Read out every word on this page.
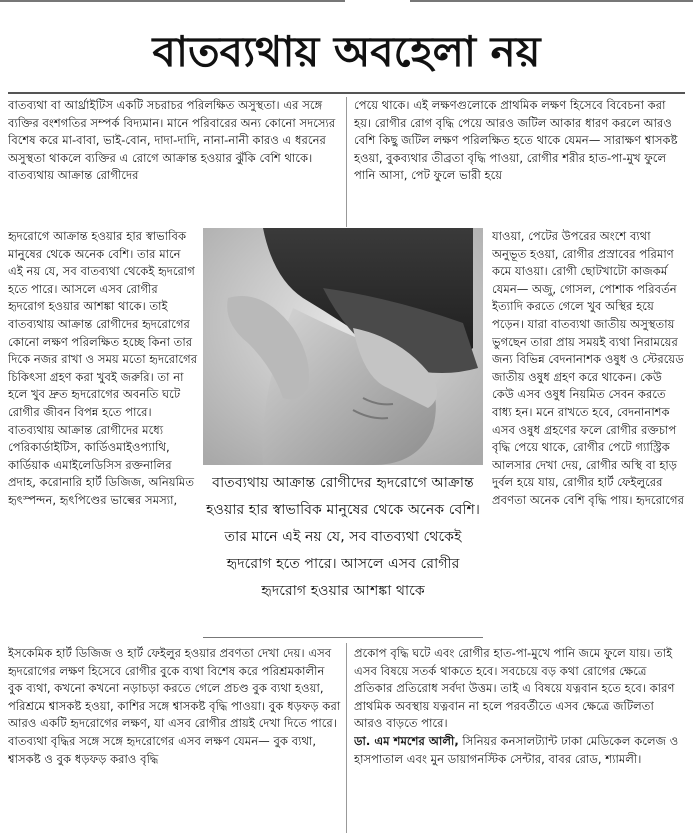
বাতব্যথায় অবহেলা নয়

বাতব্যথা বা আর্থ্রাইটিস একটি সচরাচর পরিলক্ষিত অসুস্থতা। এর সঙ্গে ব্যক্তির বংশগতির সম্পর্ক বিদ্যমান। মানে পরিবারের অন্য কোনো সদস্যের বিশেষ করে মা-বাবা, ভাই-বোন, দাদা-দাদি, নানা-নানী কারও এ ধরনের অসুস্থতা থাকলে ব্যক্তির এ রোগে আক্রান্ত হওয়ার ঝুঁকি বেশি থাকে। বাতব্যথায় আক্রান্ত রোগীদের

হৃদরোগে আক্রান্ত হওয়ার হার স্বাভাবিক মানুষের থেকে অনেক বেশি। তার মানে এই নয় যে, সব বাতব্যথা থেকেই হৃদরোগ হতে পারে। আসলে এসব রোগীর হৃদরোগ হওয়ার আশঙ্কা থাকে। তাই বাতব্যথায় আক্রান্ত রোগীদের হৃদরোগের কোনো লক্ষণ পরিলক্ষিত হচ্ছে কিনা তার দিকে নজর রাখা ও সময় মতো হৃদরোগের চিকিৎসা গ্রহণ করা খুবই জরুরি। তা না হলে খুব দ্রুত হৃদরোগের অবনতি ঘটে রোগীর জীবন বিপন্ন হতে পারে। বাতব্যথায় আক্রান্ত রোগীদের মধ্যে পেরিকার্ডাইটিস, কার্ডিওমাইওপ্যাথি, কার্ডিয়াক এমাইলেডিসিস রক্তনালির প্রদাহ, করোনারি হার্ট ডিজিজ, অনিয়মিত হৃৎস্পন্দন, হৃৎপিণ্ডের ভাল্বের সমস্যা,

ইসকেমিক হার্ট ডিজিজ ও হার্ট ফেইলুর হওয়ার প্রবণতা দেখা দেয়। এসব হৃদরোগের লক্ষণ হিসেবে রোগীর বুকে ব্যথা বিশেষ করে পরিশ্রমকালীন বুক ব্যথা, কখনো কখনো নড়াচড়া করতে গেলে প্রচণ্ড বুক ব্যথা হওয়া, পরিশ্রমে শ্বাসকষ্ট হওয়া, কাশির সঙ্গে শ্বাসকষ্ট বৃদ্ধি পাওয়া। বুক ধড়ফড় করা আরও একটি হৃদরোগের লক্ষণ, যা এসব রোগীর প্রায়ই দেখা দিতে পারে। বাতব্যথা বৃদ্ধির সঙ্গে সঙ্গে হৃদরোগের এসব লক্ষণ যেমন— বুক ব্যথা, শ্বাসকষ্ট ও বুক ধড়ফড় করাও বৃদ্ধি

পেয়ে থাকে। এই লক্ষণগুলোকে প্রাথমিক লক্ষণ হিসেবে বিবেচনা করা হয়। রোগীর রোগ বৃদ্ধি পেয়ে আরও জটিল আকার ধারণ করলে আরও বেশি কিছু জটিল লক্ষণ পরিলক্ষিত হতে থাকে যেমন— সারাক্ষণ শ্বাসকষ্ট হওয়া, বুকব্যথার তীব্রতা বৃদ্ধি পাওয়া, রোগীর শরীর হাত-পা-মুখ ফুলে পানি আসা, পেট ফুলে ভারী হয়ে

যাওয়া, পেটের উপরের অংশে ব্যথা অনুভূত হওয়া, রোগীর প্রস্রাবের পরিমাণ কমে যাওয়া। রোগী ছোটখাটো কাজকর্ম যেমন— অজু, গোসল, পোশাক পরিবর্তন ইত্যাদি করতে গেলে খুব অস্থির হয়ে পড়েন। যারা বাতব্যথা জাতীয় অসুস্থতায় ভুগছেন তারা প্রায় সময়ই ব্যথা নিরাময়ের জন্য বিভিন্ন বেদনানাশক ওষুধ ও স্টেরয়েড জাতীয় ওষুধ গ্রহণ করে থাকেন। কেউ কেউ এসব ওষুধ নিয়মিত সেবন করতে বাধ্য হন। মনে রাখতে হবে, বেদনানাশক এসব ওষুধ গ্রহণের ফলে রোগীর রক্তচাপ বৃদ্ধি পেয়ে থাকে, রোগীর পেটে গ্যাস্ট্রিক আলসার দেখা দেয়, রোগীর অস্থি বা হাড় দুর্বল হয়ে যায়, রোগীর হার্ট ফেইলুরের প্রবণতা অনেক বেশি বৃদ্ধি পায়। হৃদরোগের

প্রকোপ বৃদ্ধি ঘটে এবং রোগীর হাত-পা-মুখে পানি জমে ফুলে যায়। তাই এসব বিষয়ে সতর্ক থাকতে হবে। সবচেয়ে বড় কথা রোগের ক্ষেত্রে প্রতিকার প্রতিরোধ সর্বদা উত্তম। তাই এ বিষয়ে যত্নবান হতে হবে। কারণ প্রাথমিক অবস্থায় যত্নবান না হলে পরবর্তীতে এসব ক্ষেত্রে জটিলতা আরও বাড়তে পারে।

ডা. এম শমশের আলী, সিনিয়র কনসালট্যান্ট ঢাকা মেডিকেল কলেজ ও হাসপাতাল এবং মুন ডায়াগনস্টিক সেন্টার, বাবর রোড, শ্যামলী।

বাতব্যথায় আক্রান্ত রোগীদের হৃদরোগে আক্রান্ত হওয়ার হার স্বাভাবিক মানুষের থেকে অনেক বেশি। তার মানে এই নয় যে, সব বাতব্যথা থেকেই হৃদরোগ হতে পারে। আসলে এসব রোগীর হৃদরোগ হওয়ার আশঙ্কা থাকে
